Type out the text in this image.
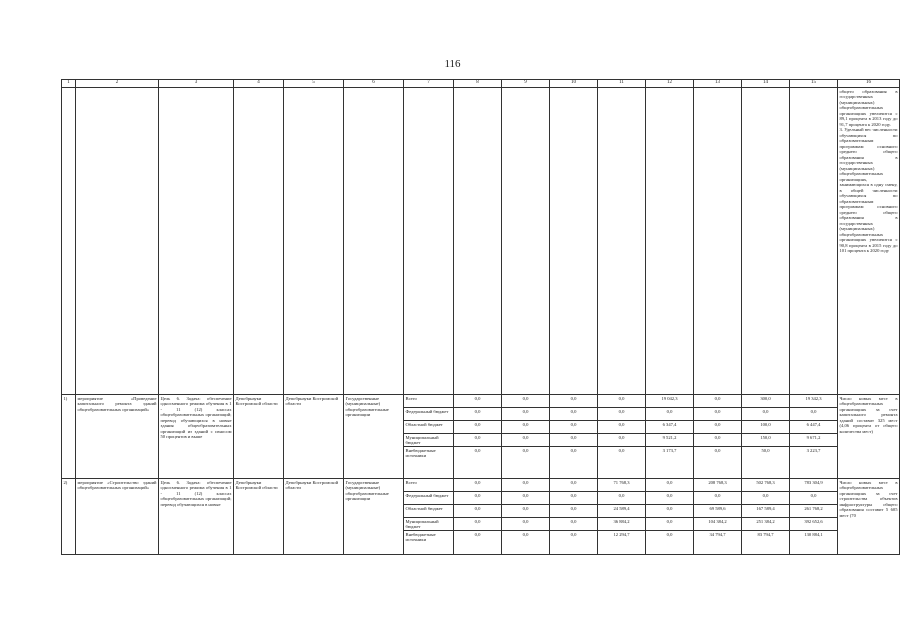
116
1	2	3	4	5	6	7	8	9	10	11	12	13	14	15	16
															общего образования в государственных (муниципальных) общеобразовательных организациях увеличится с 89,1 процента в 2013 году до 91,7 процента к 2020 году.
3. Удельный вес численности обучающихся по образовательным программам основного среднего общего образования в государственных (муниципальных) общеобразовательных организациях, занимающихся в одну смену, в общей численности обучающихся по образовательным программам основного среднего общего образования в государственных (муниципальных) общеобразовательных организациях увеличится с 90,8 процента в 2015 году до 101 процента к 2020 году
1)	мероприятие «Проведение капитального ремонта зданий общеобразовательных организаций»	Цель 6. Задача: обеспечение односменного режима обучения в 1 - 11 (12) классах общеобразовательных организаций; перевод обучающихся в новые здания общеобразовательных организаций из зданий с износом 50 процентов и выше	Депобрнауки Костромской области	Депобрнауки Костромской области	Государственные (муниципальные) общеобразовательные организации	Всего	0,0	0,0	0,0	0,0	19 042,3	0,0	300,0	19 342,3	Число новых мест в общеобразовательных организациях за счет капитального ремонта зданий составит 325 мест (4,06 процента от общего количества мест)
						Федеральный бюджет	0,0	0,0	0,0	0,0	0,0	0,0	0,0	0,0	
						Областной бюджет	0,0	0,0	0,0	0,0	6 347,4	0,0	100,0	6 447,4	
						Муниципальный бюджет	0,0	0,0	0,0	0,0	9 521,2	0,0	150,0	9 671,2	
						Внебюджетные источники	0,0	0,0	0,0	0,0	3 173,7	0,0	50,0	3 223,7	
2)	мероприятие «Строительство зданий общеобразовательных организаций»	Цель 6. Задача: обеспечение односменного режима обучения в 1 - 11 (12) классах общеобразовательных организаций; перевод обучающихся в новые	Депобрнауки Костромской области	Депобрнауки Костромской области	Государственные (муниципальные) общеобразовательные организации	Всего	0,0	0,0	0,0	71 768,3	0,0	208 768,3	502 768,3	783 304,9	Число новых мест в общеобразовательных организациях за счет строительства объектов инфраструктуры общего образования составит 5 605 мест (70
						Федеральный бюджет	0,0	0,0	0,0	0,0	0,0	0,0	0,0	0,0	
						Областной бюджет	0,0	0,0	0,0	24 589,4	0,0	69 589,6	167 589,4	261 768,2	
						Муниципальный бюджет	0,0	0,0	0,0	36 884,2	0,0	104 384,2	251 384,2	392 652,6	
						Внебюджетные источники	0,0	0,0	0,0	12 294,7	0,0	34 794,7	83 794,7	130 884,1	
